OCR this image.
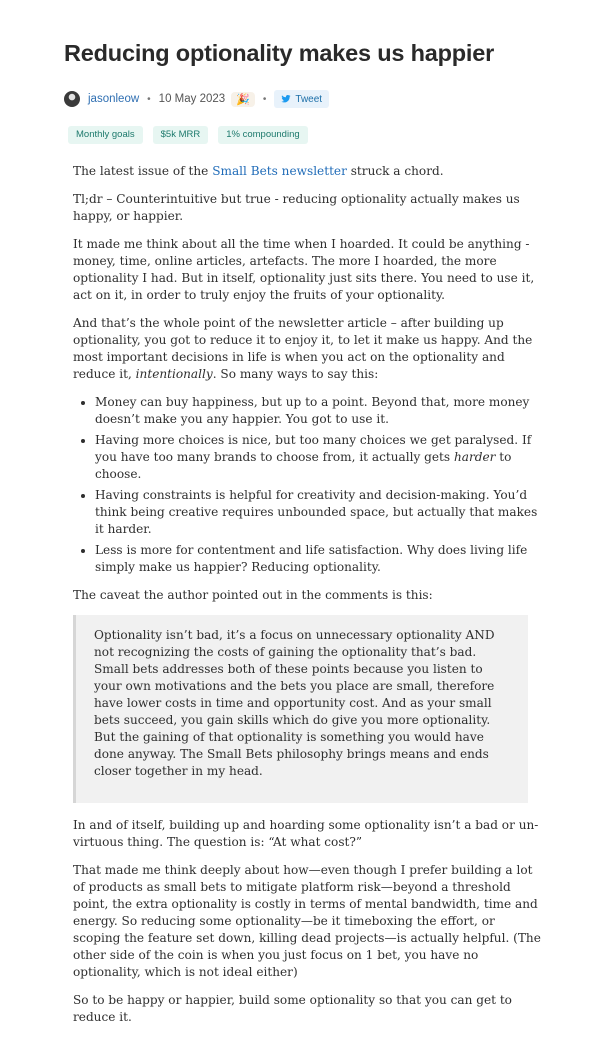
Reducing optionality makes us happier
jasonleow • 10 May 2023	🎉	•	Tweet
Monthly goals	$5k MRR	1% compounding

The latest issue of the Small Bets newsletter struck a chord.

Tl;dr – Counterintuitive but true - reducing optionality actually makes us happy, or happier.

It made me think about all the time when I hoarded. It could be anything - money, time, online articles, artefacts. The more I hoarded, the more optionality I had. But in itself, optionality just sits there. You need to use it, act on it, in order to truly enjoy the fruits of your optionality.

And that’s the whole point of the newsletter article – after building up optionality, you got to reduce it to enjoy it, to let it make us happy. And the most important decisions in life is when you act on the optionality and reduce it, intentionally. So many ways to say this:

• Money can buy happiness, but up to a point. Beyond that, more money doesn’t make you any happier. You got to use it.
• Having more choices is nice, but too many choices we get paralysed. If you have too many brands to choose from, it actually gets harder to choose.
• Having constraints is helpful for creativity and decision-making. You’d think being creative requires unbounded space, but actually that makes it harder.
• Less is more for contentment and life satisfaction. Why does living life simply make us happier? Reducing optionality.

The caveat the author pointed out in the comments is this:

Optionality isn’t bad, it’s a focus on unnecessary optionality AND not recognizing the costs of gaining the optionality that’s bad. Small bets addresses both of these points because you listen to your own motivations and the bets you place are small, therefore have lower costs in time and opportunity cost. And as your small bets succeed, you gain skills which do give you more optionality. But the gaining of that optionality is something you would have done anyway. The Small Bets philosophy brings means and ends closer together in my head.

In and of itself, building up and hoarding some optionality isn’t a bad or un-virtuous thing. The question is: “At what cost?”

That made me think deeply about how—even though I prefer building a lot of products as small bets to mitigate platform risk—beyond a threshold point, the extra optionality is costly in terms of mental bandwidth, time and energy. So reducing some optionality—be it timeboxing the effort, or scoping the feature set down, killing dead projects—is actually helpful. (The other side of the coin is when you just focus on 1 bet, you have no optionality, which is not ideal either)

So to be happy or happier, build some optionality so that you can get to reduce it.
